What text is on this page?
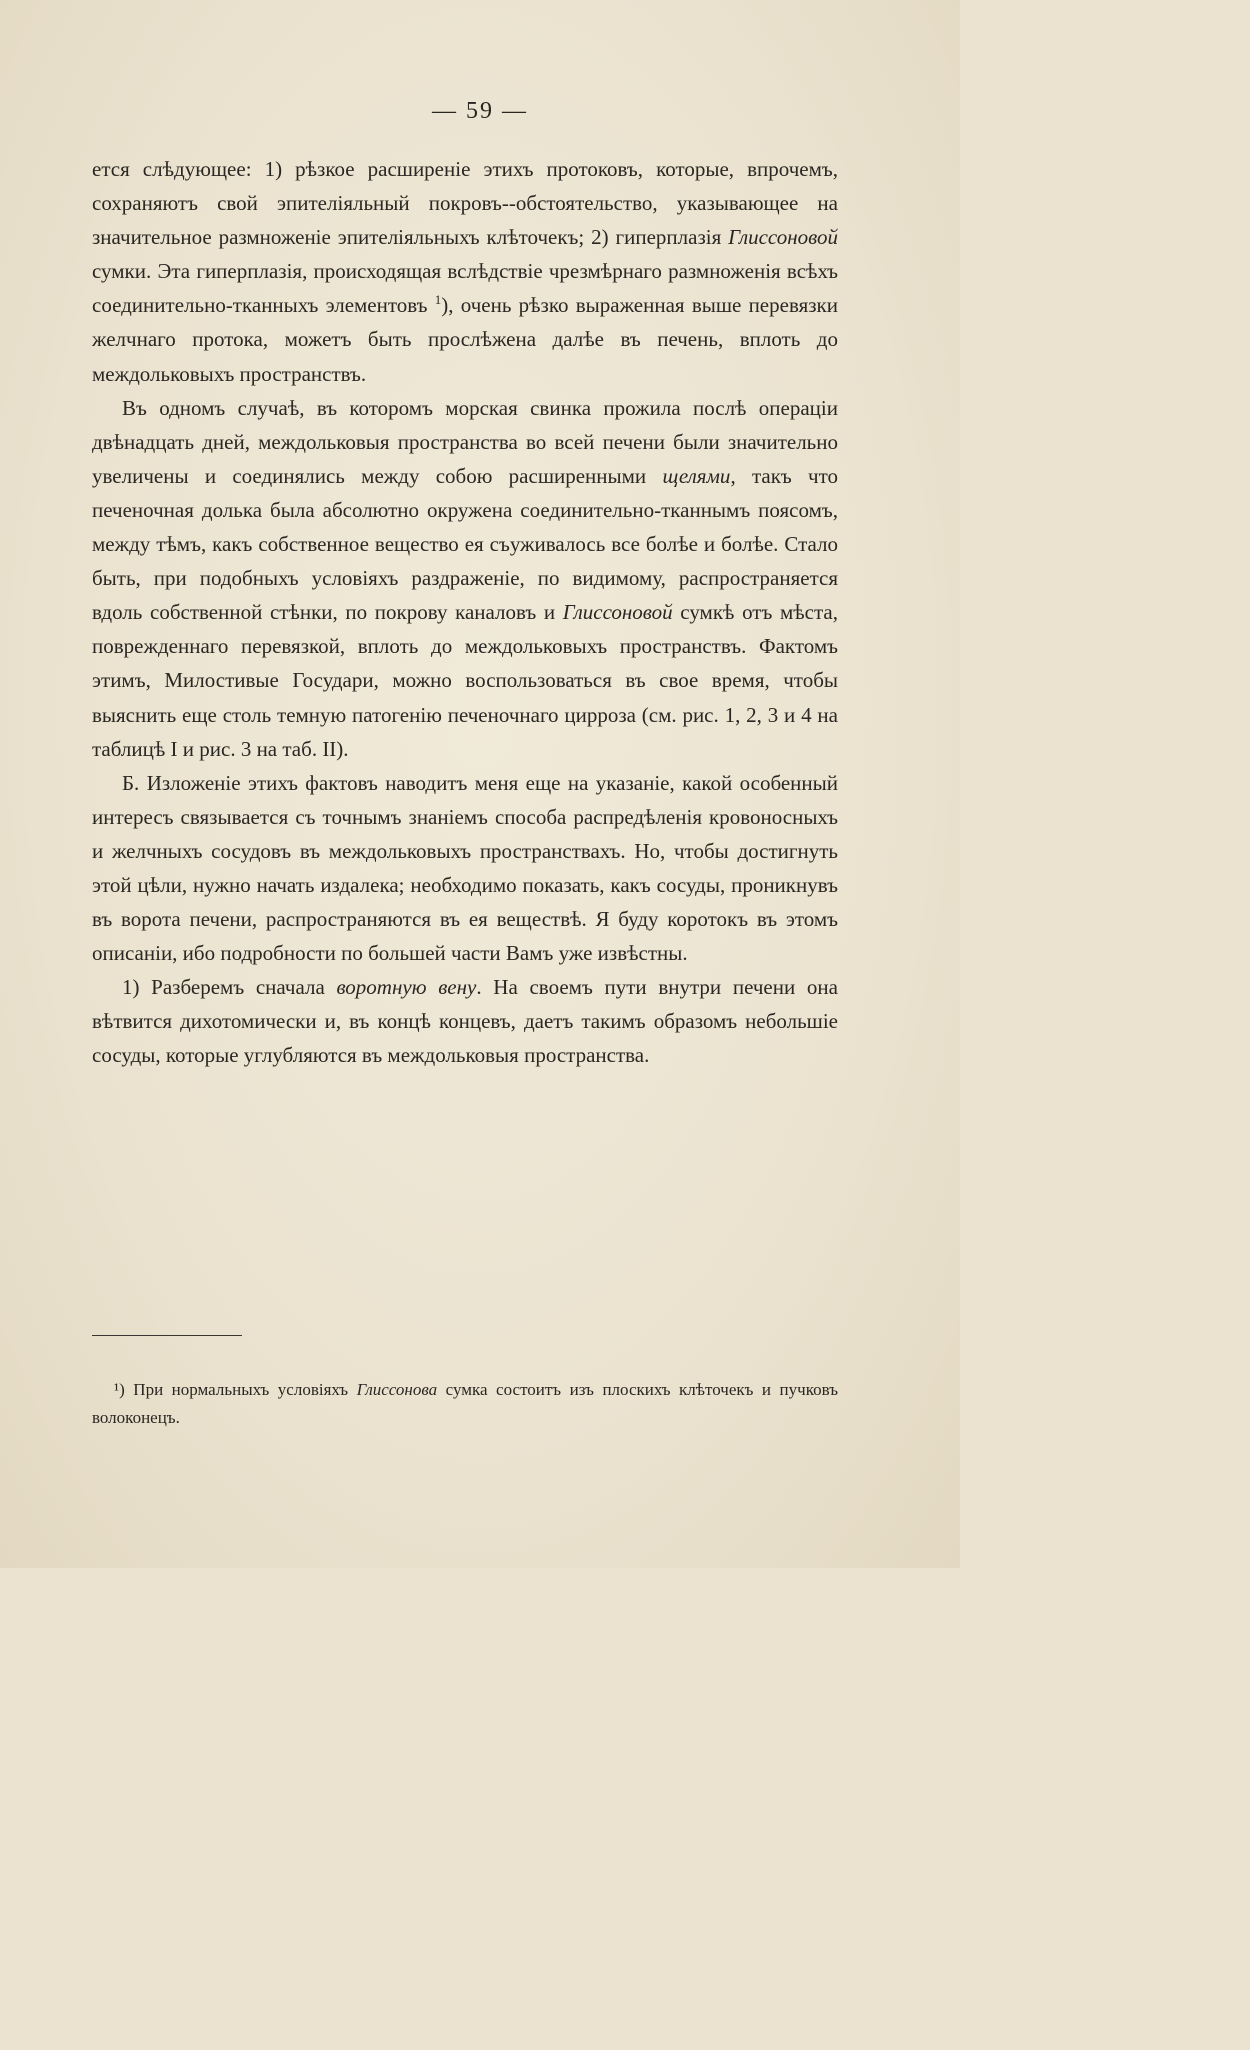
— 59 —

ется слѣдующее: 1) рѣзкое расширеніе этихъ протоковъ, которые, впрочемъ, сохраняютъ свой эпителіяльный покровъ--обстоятельство, указывающее на значительное размноженіе эпителіяльныхъ клѣточекъ; 2) гиперплазія Глиссоновой сумки. Эта гиперплазія, происходящая вслѣдствіе чрезмѣрнаго размноженія всѣхъ соединительно-тканныхъ элементовъ $^1$), очень рѣзко выраженная выше перевязки желчнаго протока, можетъ быть прослѣжена далѣе въ печень, вплоть до междольковыхъ пространствъ.

Въ одномъ случаѣ, въ которомъ морская свинка прожила послѣ операціи двѣнадцать дней, междольковыя пространства во всей печени были значительно увеличены и соединялись между собою расширенными щелями, такъ что печеночная долька была абсолютно окружена соединительно-тканнымъ поясомъ, между тѣмъ, какъ собственное вещество ея съуживалось все болѣе и болѣе. Стало быть, при подобныхъ условіяхъ раздраженіе, по видимому, распространяется вдоль собственной стѣнки, по покрову каналовъ и Глиссоновой сумкѣ отъ мѣста, поврежденнаго перевязкой, вплоть до междольковыхъ пространствъ. Фактомъ этимъ, Милостивые Государи, можно воспользоваться въ свое время, чтобы выяснить еще столь темную патогенію печеночнаго цирроза (см. рис. 1, 2, 3 и 4 на таблицѣ I и рис. 3 на таб. II).

Б. Изложеніе этихъ фактовъ наводитъ меня еще на указаніе, какой особенный интересъ связывается съ точнымъ знаніемъ способа распредѣленія кровоносныхъ и желчныхъ сосудовъ въ междольковыхъ пространствахъ. Но, чтобы достигнуть этой цѣли, нужно начать издалека; необходимо показать, какъ сосуды, проникнувъ въ ворота печени, распространяются въ ея веществѣ. Я буду коротокъ въ этомъ описаніи, ибо подробности по большей части Вамъ уже извѣстны.

1) Разберемъ сначала воротную вену. На своемъ пути внутри печени она вѣтвится дихотомически и, въ концѣ концевъ, даетъ такимъ образомъ небольшіе сосуды, которые углубляются въ междольковыя пространства.

¹) При нормальныхъ условіяхъ Глиссонова сумка состоитъ изъ плоскихъ клѣточекъ и пучковъ волоконецъ.
